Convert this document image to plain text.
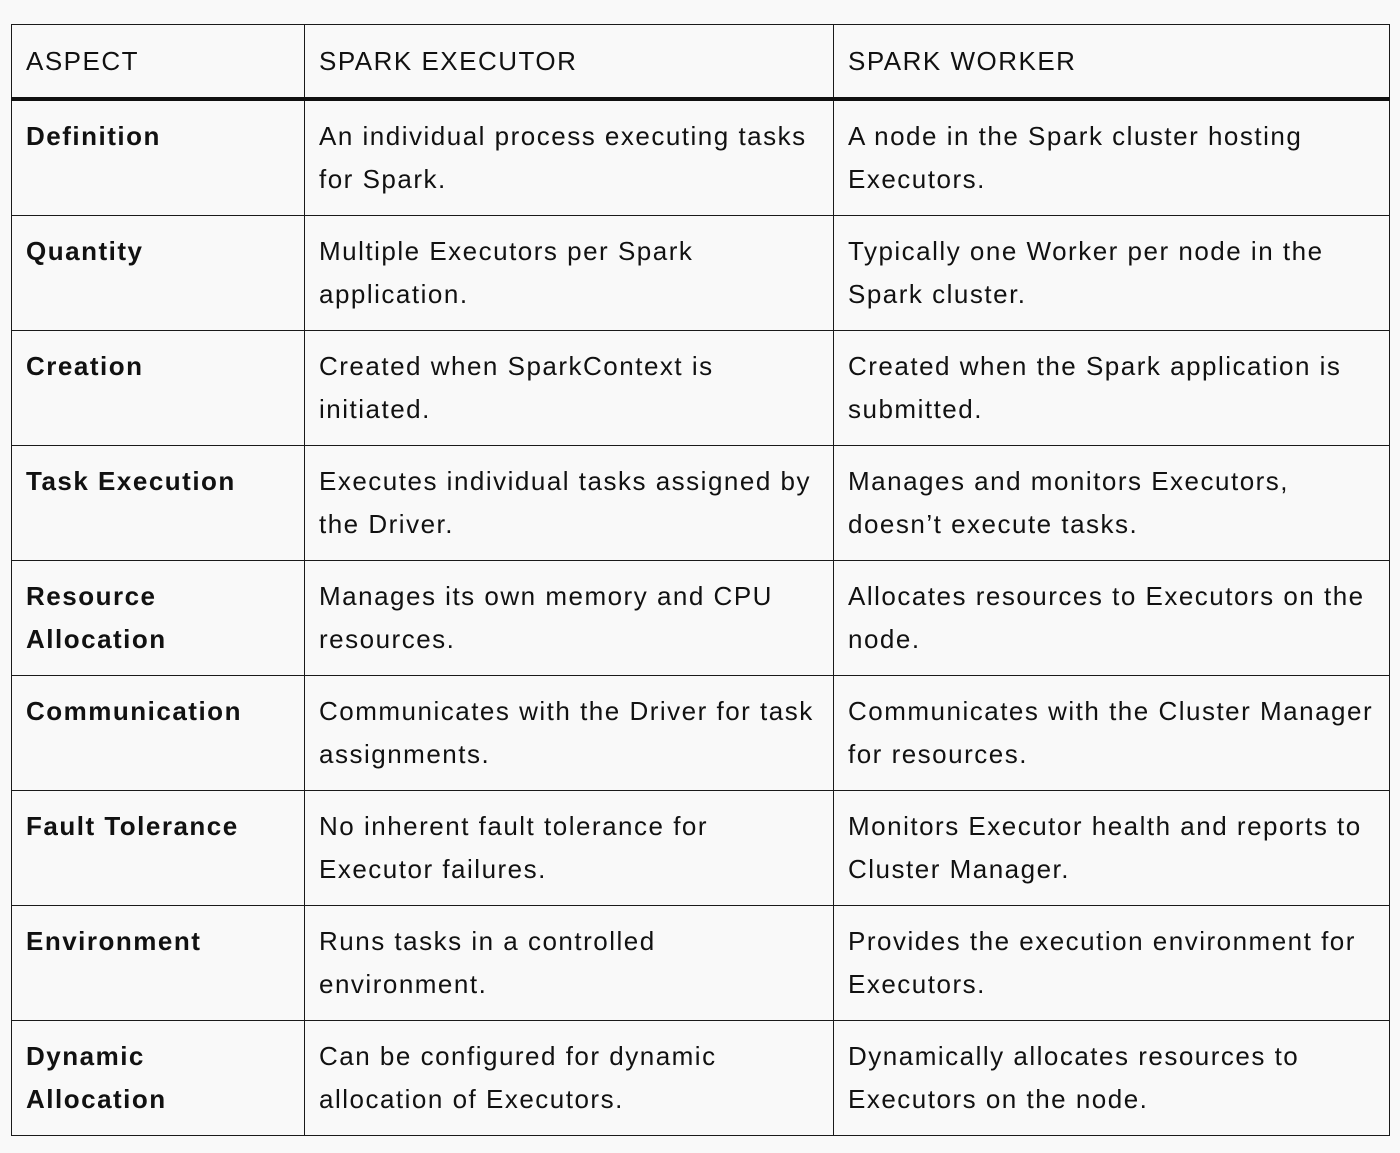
ASPECT	SPARK EXECUTOR	SPARK WORKER
Definition	An individual process executing tasks for Spark.	A node in the Spark cluster hosting Executors.
Quantity	Multiple Executors per Spark application.	Typically one Worker per node in the Spark cluster.
Creation	Created when SparkContext is initiated.	Created when the Spark application is submitted.
Task Execution	Executes individual tasks assigned by the Driver.	Manages and monitors Executors, doesn’t execute tasks.
Resource Allocation	Manages its own memory and CPU resources.	Allocates resources to Executors on the node.
Communication	Communicates with the Driver for task assignments.	Communicates with the Cluster Manager for resources.
Fault Tolerance	No inherent fault tolerance for Executor failures.	Monitors Executor health and reports to Cluster Manager.
Environment	Runs tasks in a controlled environment.	Provides the execution environment for Executors.
Dynamic Allocation	Can be configured for dynamic allocation of Executors.	Dynamically allocates resources to Executors on the node.
